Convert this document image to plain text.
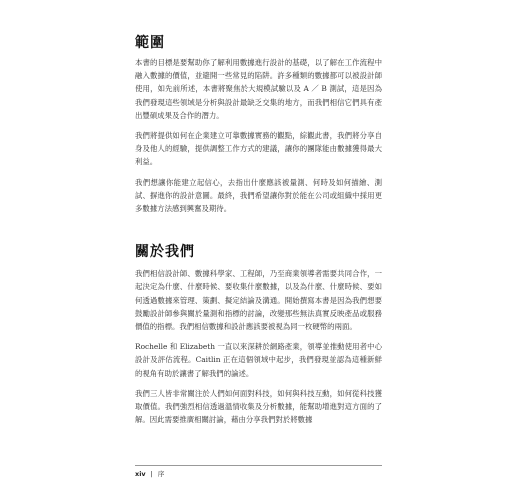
範圍

本書的目標是要幫助你了解利用數據進行設計的基礎，以了解在工作流程中融入數據的價值，並避開一些常見的陷阱。許多種類的數據都可以被設計師使用，如先前所述，本書將聚焦於大規模試驗以及 A ／ B 測試，這是因為我們發現這些領域是分析與設計最缺乏交集的地方，而我們相信它們具有產出豐碩成果及合作的潛力。

我們將提供如何在企業建立可靠數據實務的觀點，綜觀此書，我們將分享自身及他人的經驗，提供調整工作方式的建議，讓你的團隊能由數據獲得最大利益。

我們想讓你能建立起信心，去指出什麼應該被量測、何時及如何描繪、測試、摒進你的設計意圖。最終，我們希望讓你對於能在公司或組織中採用更多數據方法感到興奮及期待。

關於我們

我們相信設計師、數據科學家、工程師，乃至商業領導者需要共同合作，一起決定為什麼、什麼時候、要收集什麼數據，以及為什麼、什麼時候、要如何透過數據來管理、策劃、擬定結論及溝通。開始撰寫本書是因為我們想要鼓勵設計師參與關於量測和指標的討論，改變那些無法真實反映產品或服務價值的指標。我們相信數據和設計應該要被視為同一枚硬幣的兩面。

Rochelle 和 Elizabeth 一直以來深耕於網路產業，領導並推動使用者中心設計及評估流程。Caitlin 正在這個領域中起步，我們發現並認為這種新鮮的視角有助於讓書了解我們的論述。

我們三人皆非常關注於人們如何面對科技，如何與科技互動，如何從科技獲取價值。我們強烈相信透過溫情收集及分析數據，能幫助增進對這方面的了解。因此需要推廣相關討論，藉由分享我們對於將數據

xiv | 序
